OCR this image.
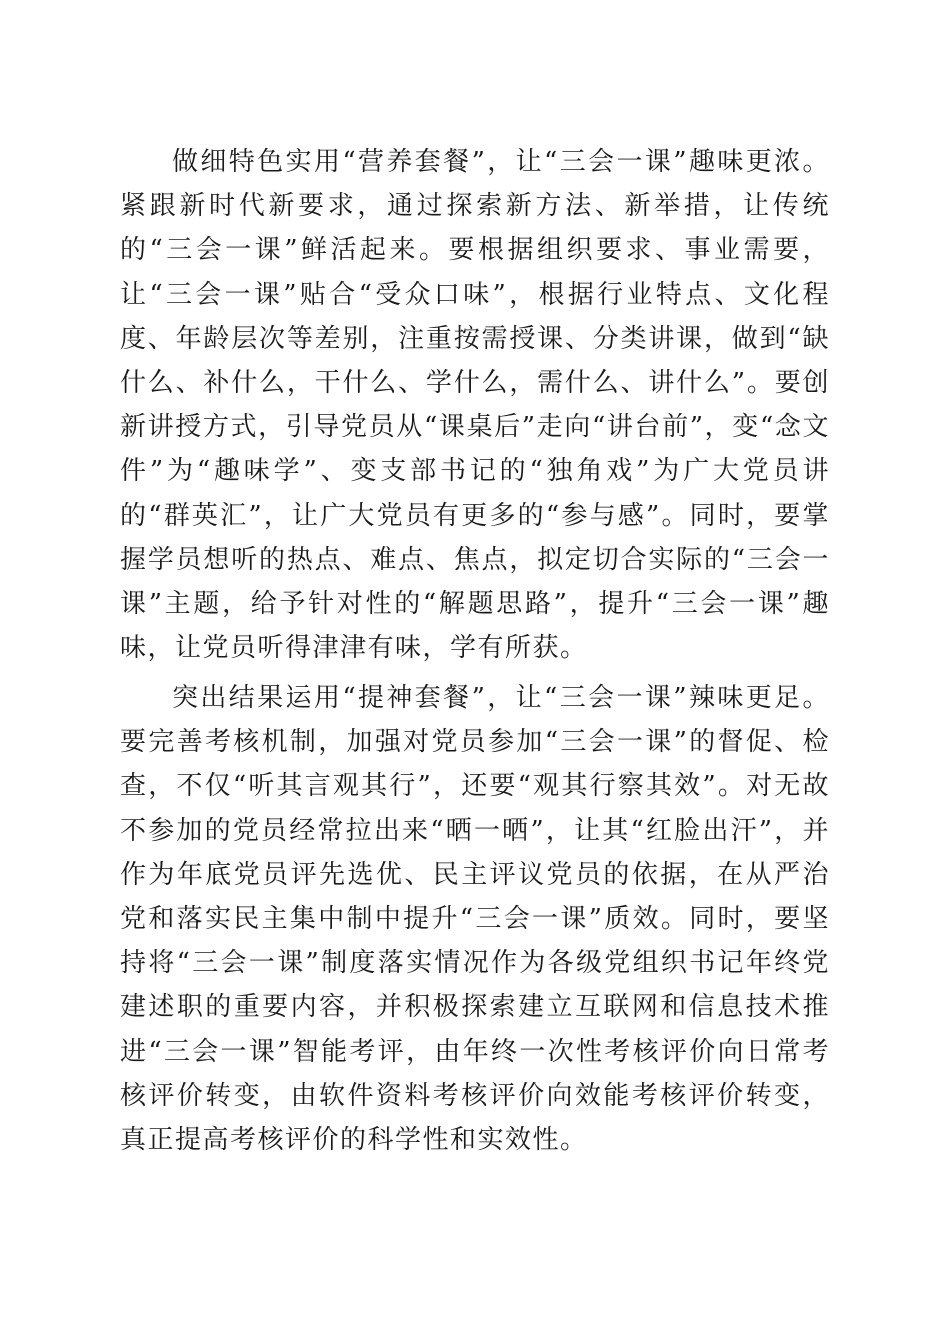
做细特色实用“营养套餐”，让“三会一课”趣味更浓。紧跟新时代新要求，通过探索新方法、新举措，让传统的“三会一课”鲜活起来。要根据组织要求、事业需要，让“三会一课”贴合“受众口味”，根据行业特点、文化程度、年龄层次等差别，注重按需授课、分类讲课，做到“缺什么、补什么，干什么、学什么，需什么、讲什么”。要创新讲授方式，引导党员从“课桌后”走向“讲台前”，变“念文件”为“趣味学”、变支部书记的“独角戏”为广大党员讲的“群英汇”，让广大党员有更多的“参与感”。同时，要掌握学员想听的热点、难点、焦点，拟定切合实际的“三会一课”主题，给予针对性的“解题思路”，提升“三会一课”趣味，让党员听得津津有味，学有所获。

突出结果运用“提神套餐”，让“三会一课”辣味更足。要完善考核机制，加强对党员参加“三会一课”的督促、检查，不仅“听其言观其行”，还要“观其行察其效”。对无故不参加的党员经常拉出来“晒一晒”，让其“红脸出汗”，并作为年底党员评先选优、民主评议党员的依据，在从严治党和落实民主集中制中提升“三会一课”质效。同时，要坚持将“三会一课”制度落实情况作为各级党组织书记年终党建述职的重要内容，并积极探索建立互联网和信息技术推进“三会一课”智能考评，由年终一次性考核评价向日常考核评价转变，由软件资料考核评价向效能考核评价转变，真正提高考核评价的科学性和实效性。
